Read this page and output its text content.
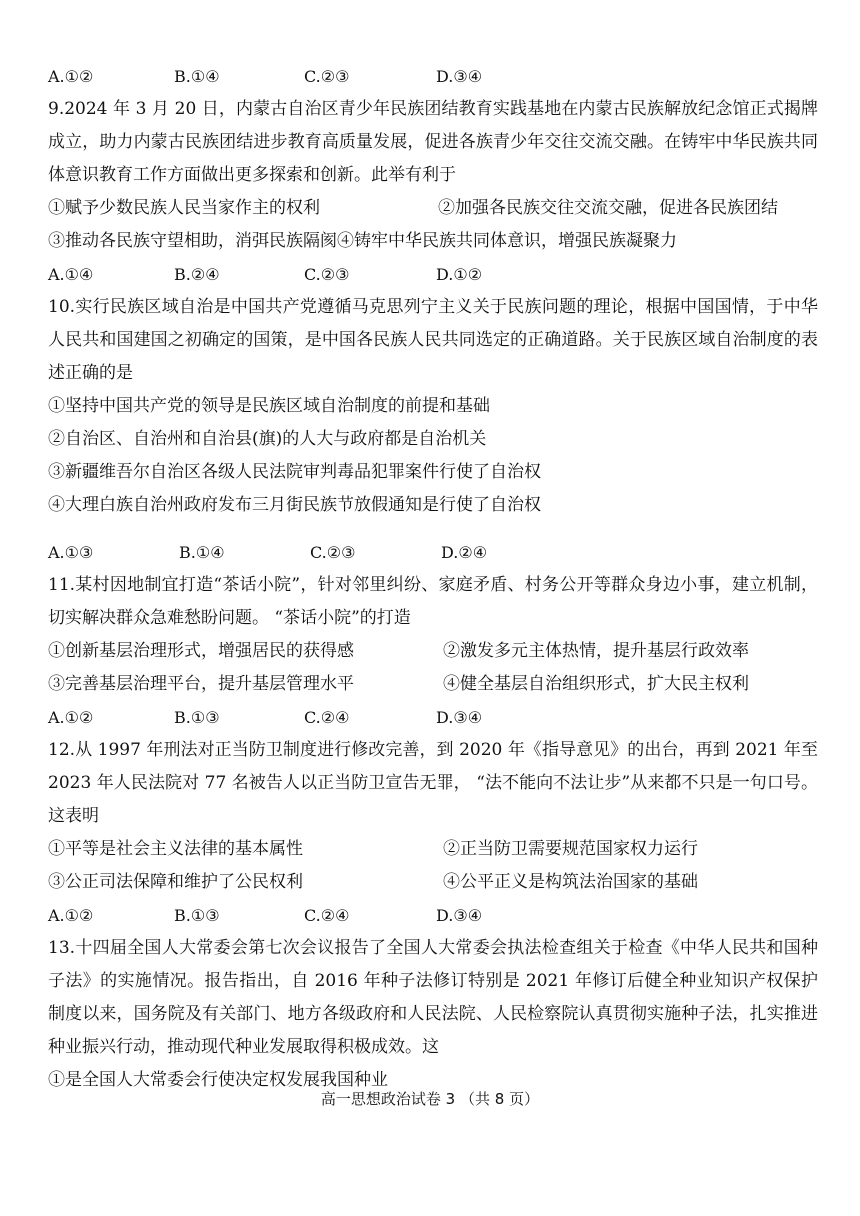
A.①②	B.①④	C.②③	D.③④
9.2024 年 3 月 20 日，内蒙古自治区青少年民族团结教育实践基地在内蒙古民族解放纪念馆正式揭牌成立，助力内蒙古民族团结进步教育高质量发展，促进各族青少年交往交流交融。在铸牢中华民族共同体意识教育工作方面做出更多探索和创新。此举有利于
①赋予少数民族人民当家作主的权利	②加强各民族交往交流交融，促进各民族团结
③推动各民族守望相助，消弭民族隔阂④铸牢中华民族共同体意识，增强民族凝聚力
A.①④	B.②④	C.②③	D.①②
10.实行民族区域自治是中国共产党遵循马克思列宁主义关于民族问题的理论，根据中国国情，于中华人民共和国建国之初确定的国策，是中国各民族人民共同选定的正确道路。关于民族区域自治制度的表述正确的是
①坚持中国共产党的领导是民族区域自治制度的前提和基础
②自治区、自治州和自治县(旗)的人大与政府都是自治机关
③新疆维吾尔自治区各级人民法院审判毒品犯罪案件行使了自治权
④大理白族自治州政府发布三月街民族节放假通知是行使了自治权
A.①③	B.①④	C.②③	D.②④
11.某村因地制宜打造“茶话小院”，针对邻里纠纷、家庭矛盾、村务公开等群众身边小事，建立机制，切实解决群众急难愁盼问题。 “茶话小院”的打造
①创新基层治理形式，增强居民的获得感	②激发多元主体热情，提升基层行政效率
③完善基层治理平台，提升基层管理水平	④健全基层自治组织形式，扩大民主权利
A.①②	B.①③	C.②④	D.③④
12.从 1997 年刑法对正当防卫制度进行修改完善，到 2020 年《指导意见》的出台，再到 2021 年至 2023 年人民法院对 77 名被告人以正当防卫宣告无罪， “法不能向不法让步”从来都不只是一句口号。这表明
①平等是社会主义法律的基本属性	②正当防卫需要规范国家权力运行
③公正司法保障和维护了公民权利	④公平正义是构筑法治国家的基础
A.①②	B.①③	C.②④	D.③④
13.十四届全国人大常委会第七次会议报告了全国人大常委会执法检查组关于检查《中华人民共和国种子法》的实施情况。报告指出，自 2016 年种子法修订特别是 2021 年修订后健全种业知识产权保护制度以来，国务院及有关部门、地方各级政府和人民法院、人民检察院认真贯彻实施种子法，扎实推进种业振兴行动，推动现代种业发展取得积极成效。这
①是全国人大常委会行使决定权发展我国种业
高一思想政治试卷 3 （共 8 页）
